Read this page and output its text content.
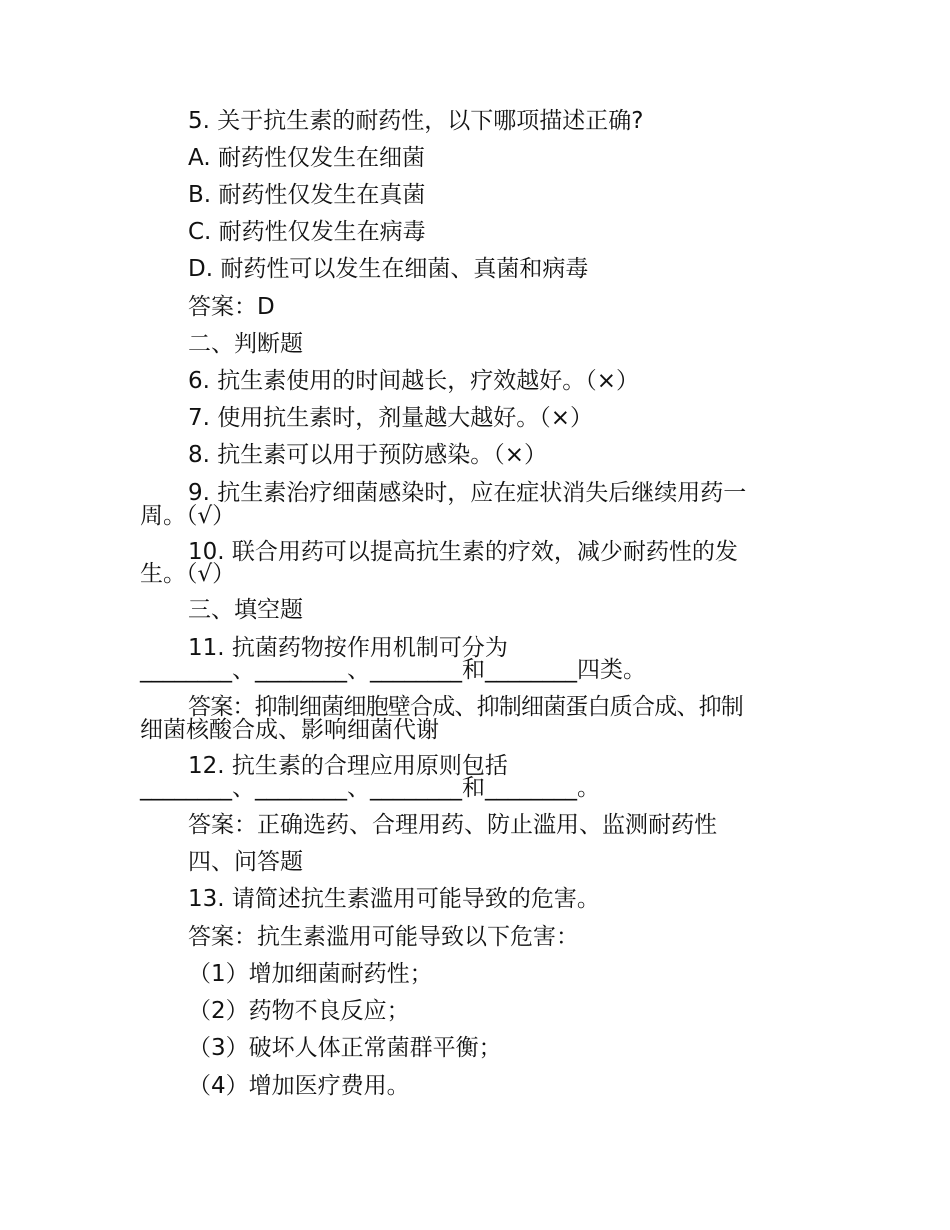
5. 关于抗生素的耐药性，以下哪项描述正确?
A. 耐药性仅发生在细菌
B. 耐药性仅发生在真菌
C. 耐药性仅发生在病毒
D. 耐药性可以发生在细菌、真菌和病毒
答案：D
二、判断题
6. 抗生素使用的时间越长，疗效越好。（×）
7. 使用抗生素时，剂量越大越好。（×）
8. 抗生素可以用于预防感染。（×）
9. 抗生素治疗细菌感染时，应在症状消失后继续用药一
周。（√）
10. 联合用药可以提高抗生素的疗效，减少耐药性的发
生。（√）
三、填空题
11. 抗菌药物按作用机制可分为
________、________、________和________四类。
答案：抑制细菌细胞壁合成、抑制细菌蛋白质合成、抑制
细菌核酸合成、影响细菌代谢
12. 抗生素的合理应用原则包括
________、________、________和________。
答案：正确选药、合理用药、防止滥用、监测耐药性
四、问答题
13. 请简述抗生素滥用可能导致的危害。
答案：抗生素滥用可能导致以下危害：
（1）增加细菌耐药性；
（2）药物不良反应；
（3）破坏人体正常菌群平衡；
（4）增加医疗费用。
